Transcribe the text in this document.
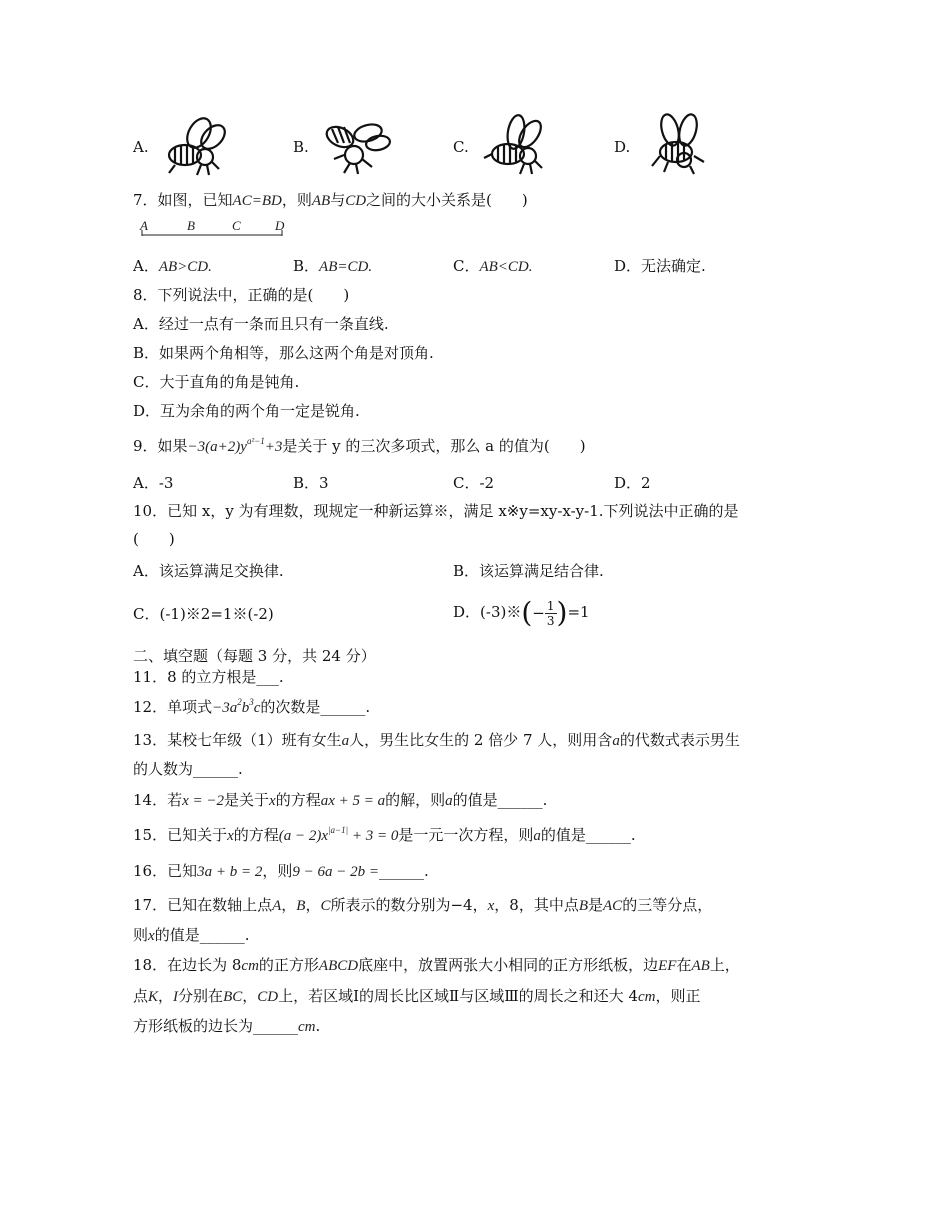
A.	B.	C.	D.
7．如图，已知AC=BD，则AB与CD之间的大小关系是(　　)
A	B	C	D
A．AB>CD.	B．AB=CD.	C．AB<CD.	D．无法确定.
8．下列说法中，正确的是(　　)
A．经过一点有一条而且只有一条直线.
B．如果两个角相等，那么这两个角是对顶角.
C．大于直角的角是钝角.
D．互为余角的两个角一定是锐角.
9．如果$-3(a+2)y^{a^2-1}+3$是关于 y 的三次多项式，那么 a 的值为(　　)
A．-3	B．3	C．-2	D．2
10．已知 x，y 为有理数，现规定一种新运算※，满足 x※y=xy-x-y-1.下列说法中正确的是
(　　)
A．该运算满足交换律.	B．该运算满足结合律.
C．(-1)※2=1※(-2)	D．(-3)※(− $\frac{1}{3} )=1$
二、填空题（每题 3 分，共 24 分）
11．8 的立方根是___.
12．单项式$-3a^2b^3c$的次数是______.
13．某校七年级（1）班有女生a人，男生比女生的 2 倍少 7 人，则用含a的代数式表示男生
的人数为______.
14．若x = −2是关于x的方程ax + 5 = a的解，则a的值是______.
15．已知关于x的方程$(a - 2)x^{|a-1|} + 3 = 0$是一元一次方程，则a的值是______.
16．已知3a + b = 2，则9 − 6a − 2b =______.
17．已知在数轴上点A，B，C所表示的数分别为−4，x，8，其中点B是AC的三等分点，
则x的值是______.
18．在边长为 8cm的正方形ABCD底座中，放置两张大小相同的正方形纸板，边EF在AB上，
点K，I分别在BC，CD上，若区域Ⅰ的周长比区域Ⅱ与区域Ⅲ的周长之和还大 4cm，则正
方形纸板的边长为______cm.
